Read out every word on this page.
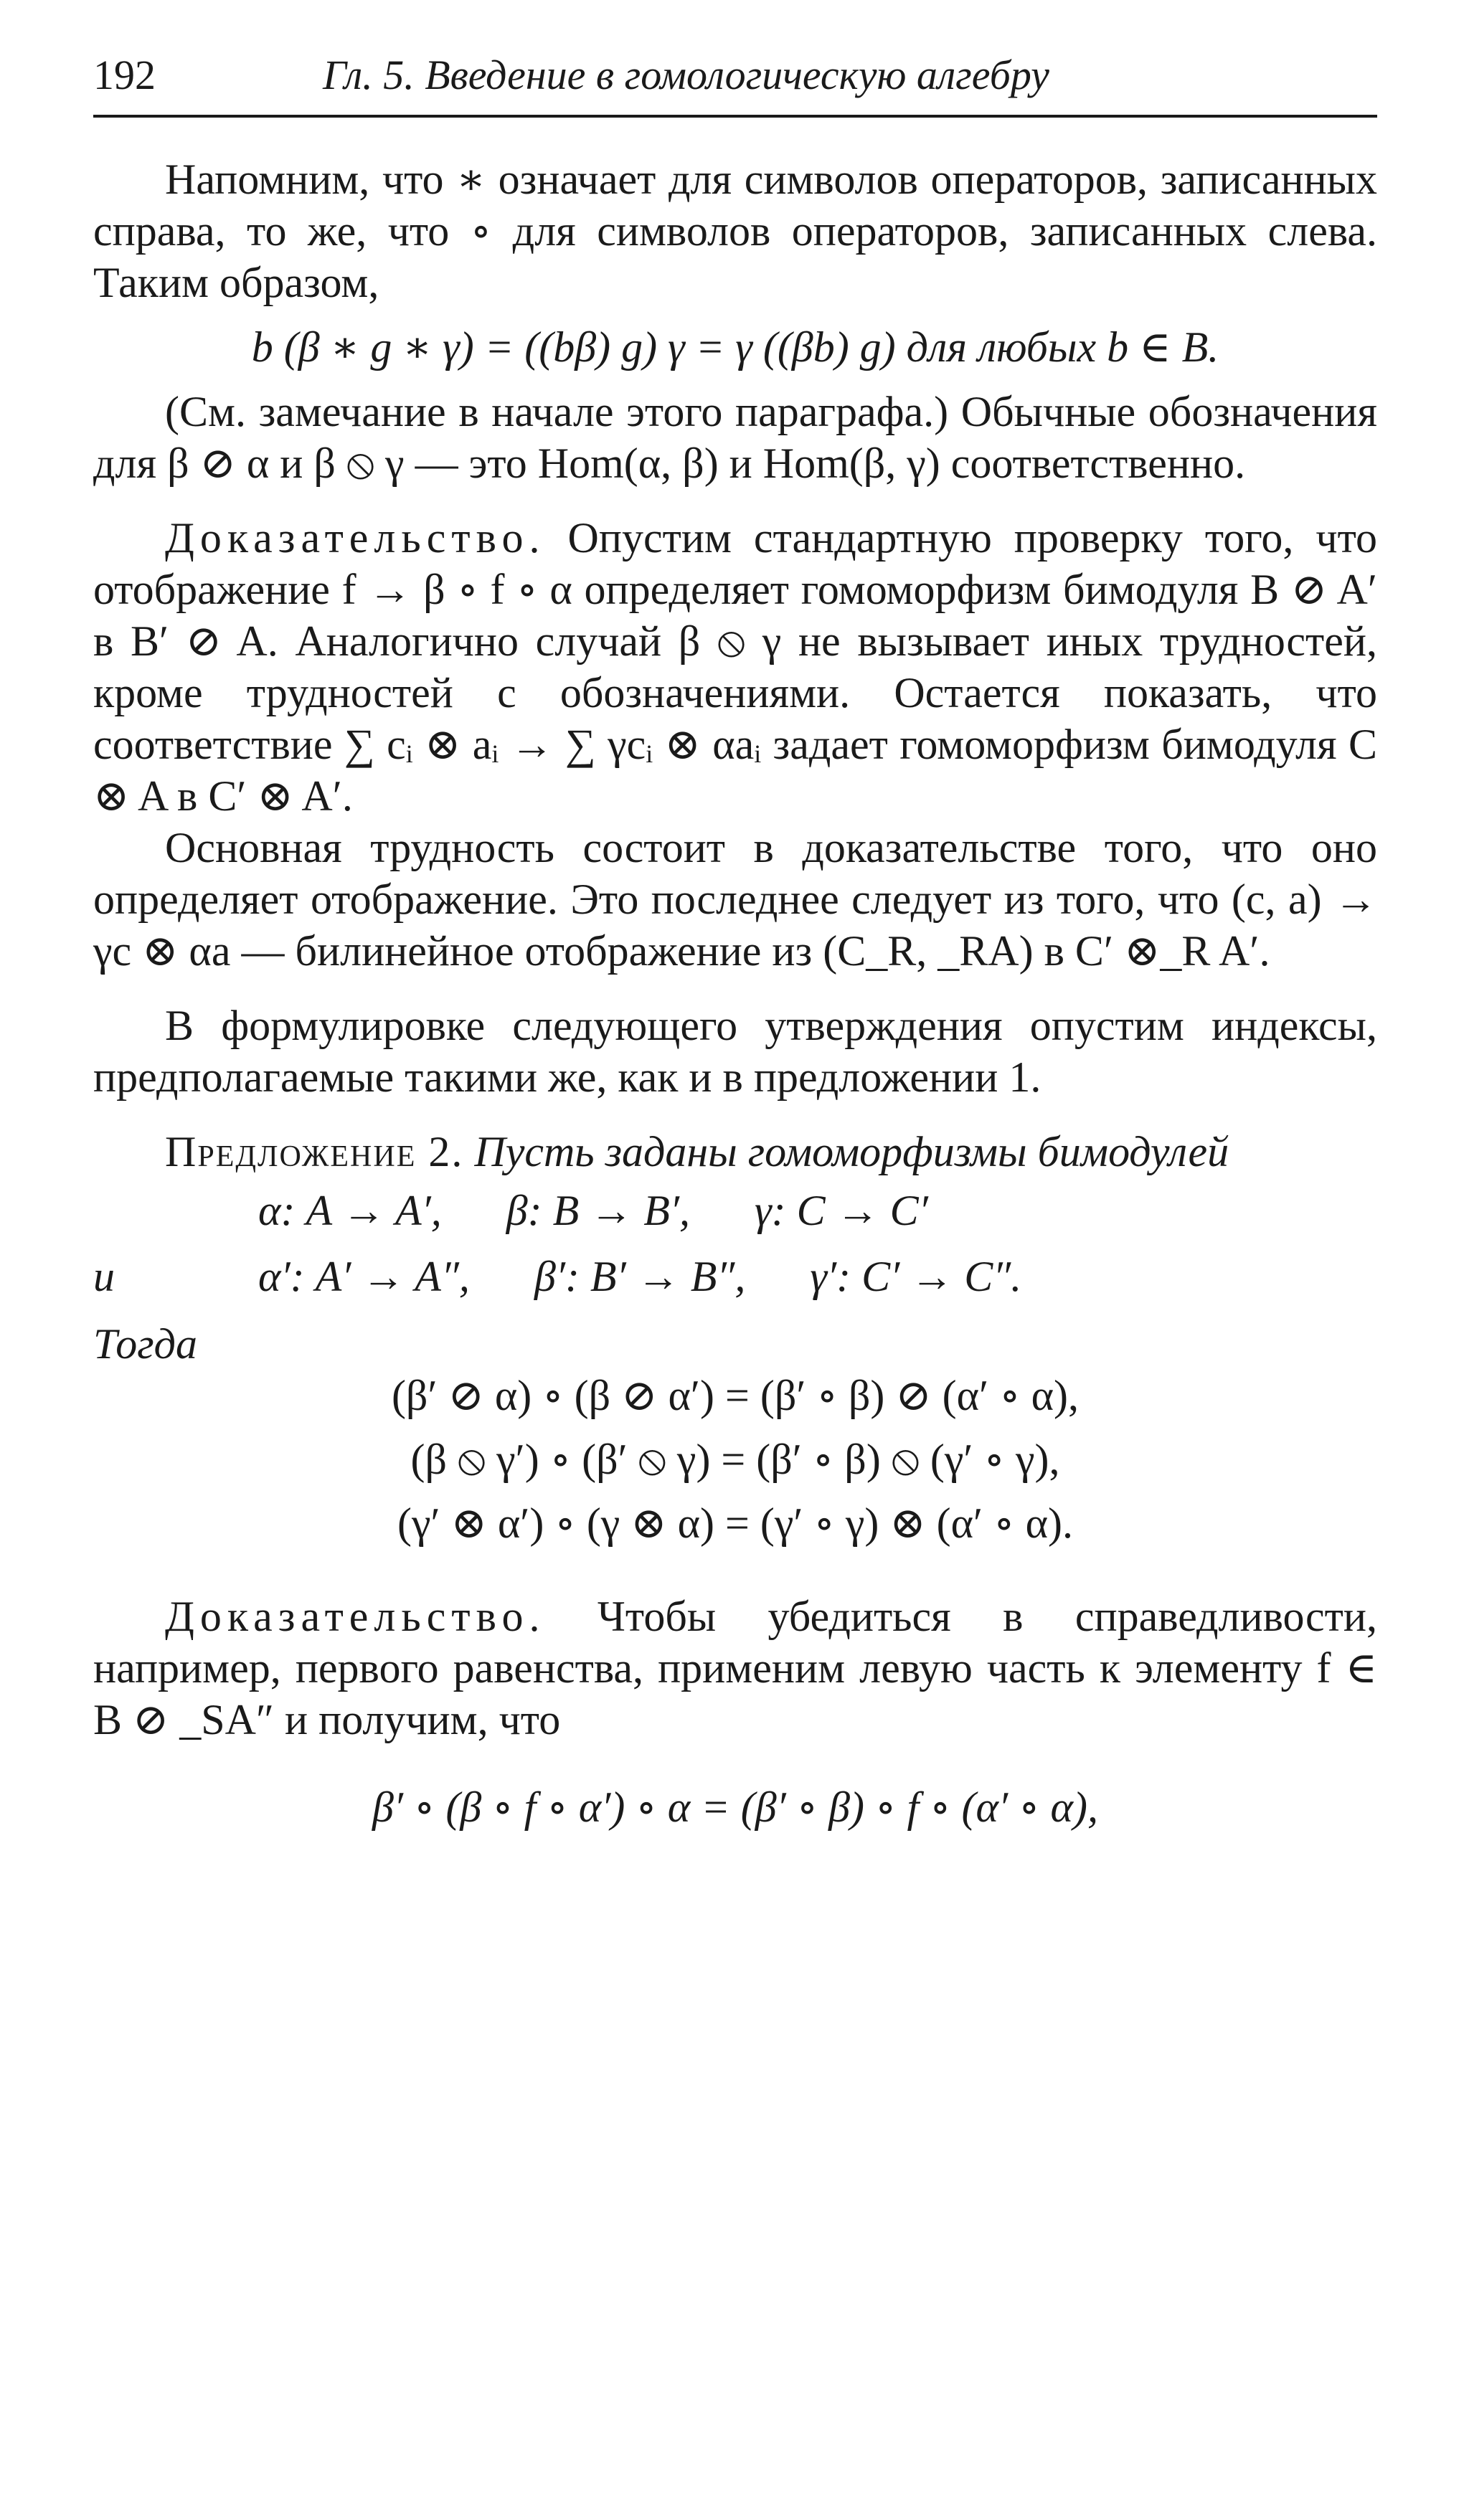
192	Гл. 5. Введение в гомологическую алгебру

Напомним, что ∗ означает для символов операторов, записанных справа, то же, что ∘ для символов операторов, записанных слева. Таким образом,

b (β ∗ g ∗ γ) = ((bβ) g) γ = γ ((βb) g) для любых b ∈ B.

(См. замечание в начале этого параграфа.) Обычные обозначения для β ⊘ α и β ⦸ γ — это Hom(α, β) и Hom(β, γ) соответственно.

Доказательство. Опустим стандартную проверку того, что отображение f → β ∘ f ∘ α определяет гомоморфизм бимодуля B ⊘ A′ в B′ ⊘ A. Аналогично случай β ⦸ γ не вызывает иных трудностей, кроме трудностей с обозначениями. Остается показать, что соответствие ∑ cᵢ ⊗ aᵢ → ∑ γcᵢ ⊗ αaᵢ задает гомоморфизм бимодуля C ⊗ A в C′ ⊗ A′.

Основная трудность состоит в доказательстве того, что оно определяет отображение. Это последнее следует из того, что (c, a) → γc ⊗ αa — билинейное отображение из (C_R, _RA) в C′ ⊗_R A′.

В формулировке следующего утверждения опустим индексы, предполагаемые такими же, как и в предложении 1.

Предложение 2. Пусть заданы гомоморфизмы бимодулей

α: A → A′, β: B → B′, γ: C → C′
и	α′: A′ → A″, β′: B′ → B″, γ′: C′ → C″.
Тогда
(β′ ⊘ α) ∘ (β ⊘ α′) = (β′ ∘ β) ⊘ (α′ ∘ α),
(β ⦸ γ′) ∘ (β′ ⦸ γ) = (β′ ∘ β) ⦸ (γ′ ∘ γ),
(γ′ ⊗ α′) ∘ (γ ⊗ α) = (γ′ ∘ γ) ⊗ (α′ ∘ α).

Доказательство. Чтобы убедиться в справедливости, например, первого равенства, применим левую часть к элементу f ∈ B ⊘ _SA″ и получим, что

β′ ∘ (β ∘ f ∘ α′) ∘ α = (β′ ∘ β) ∘ f ∘ (α′ ∘ α),
